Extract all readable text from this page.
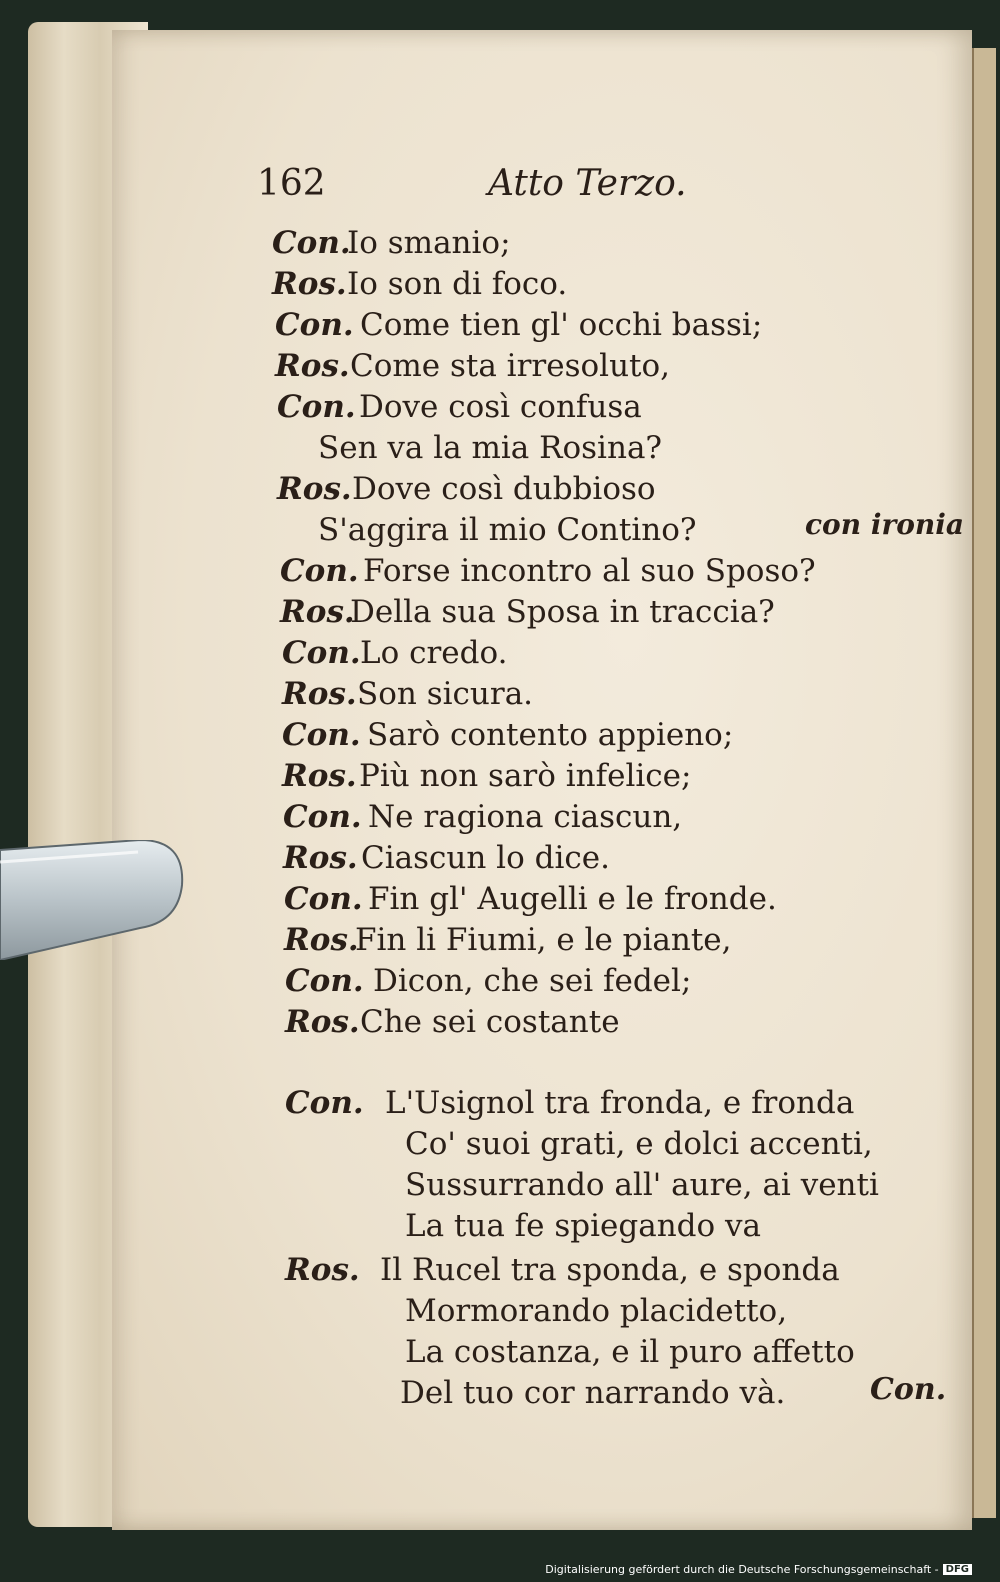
162	Atto Terzo.
Con.Io smanio;
Ros.Io son di foco.
Con. Come tien gl' occhi bassi;
Ros.Come sta irresoluto,
Con. Dove così confusa
Sen va la mia Rosina?
Ros.Dove così dubbioso
S'aggira il mio Contino?
Con. Forse incontro al suo Sposo?
Ros.Della sua Sposa in traccia?
Con.Lo credo.
Ros.Son sicura.
Con. Sarò contento appieno;
Ros.Più non sarò infelice;
Con. Ne ragiona ciascun,
Ros. Ciascun lo dice.
Con. Fin gl' Augelli e le fronde.
Ros.Fin li Fiumi, e le piante,
Con. Dicon, che sei fedel;
Ros.Che sei costante
Con. L'Usignol tra fronda, e fronda
Co' suoi grati, e dolci accenti,
Sussurrando all' aure, ai venti
La tua fe spiegando va
Ros. Il Rucel tra sponda, e sponda
Mormorando placidetto,
La costanza, e il puro affetto
Del tuo cor narrando và.
con ironia
Con.
Digitalisierung gefördert durch die Deutsche Forschungsgemeinschaft - DFG
